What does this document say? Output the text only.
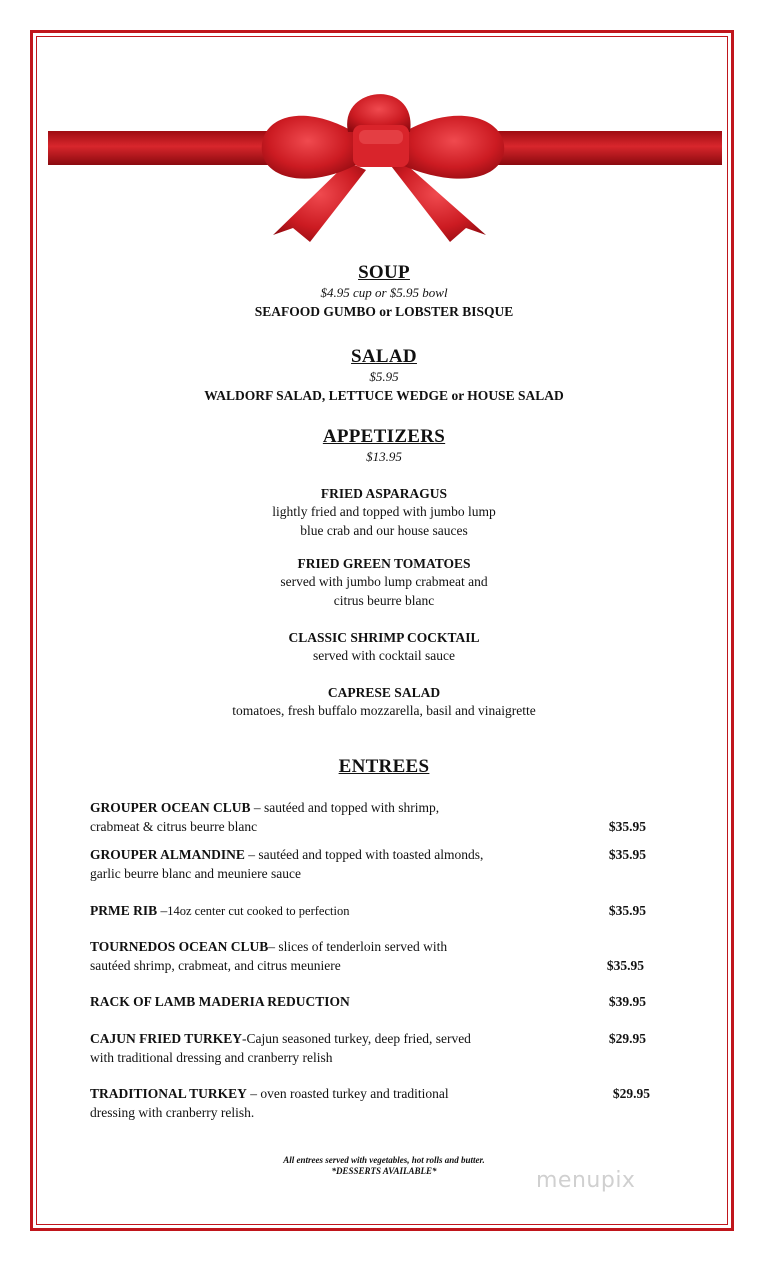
SOUP
$4.95 cup or $5.95 bowl
SEAFOOD GUMBO or LOBSTER BISQUE
SALAD
$5.95
WALDORF SALAD, LETTUCE WEDGE or HOUSE SALAD
APPETIZERS
$13.95
FRIED ASPARAGUS
lightly fried and topped with jumbo lump
blue crab and our house sauces
FRIED GREEN TOMATOES
served with jumbo lump crabmeat and
citrus beurre blanc
CLASSIC SHRIMP COCKTAIL
served with cocktail sauce
CAPRESE SALAD
tomatoes, fresh buffalo mozzarella, basil and vinaigrette
ENTREES
GROUPER OCEAN CLUB – sautéed and topped with shrimp,
crabmeat & citrus beurre blanc	$35.95
GROUPER ALMANDINE – sautéed and topped with toasted almonds,
garlic beurre blanc and meuniere sauce
$35.95
PRME RIB –14oz center cut cooked to perfection	$35.95
TOURNEDOS OCEAN CLUB– slices of tenderloin served with
sautéed shrimp, crabmeat, and citrus meuniere	$35.95
RACK OF LAMB MADERIA REDUCTION	$39.95
CAJUN FRIED TURKEY-Cajun seasoned turkey, deep fried, served
with traditional dressing and cranberry relish
$29.95
TRADITIONAL TURKEY – oven roasted turkey and traditional
dressing with cranberry relish.
$29.95
All entrees served with vegetables, hot rolls and butter.
*DESSERTS AVAILABLE*	menupix
